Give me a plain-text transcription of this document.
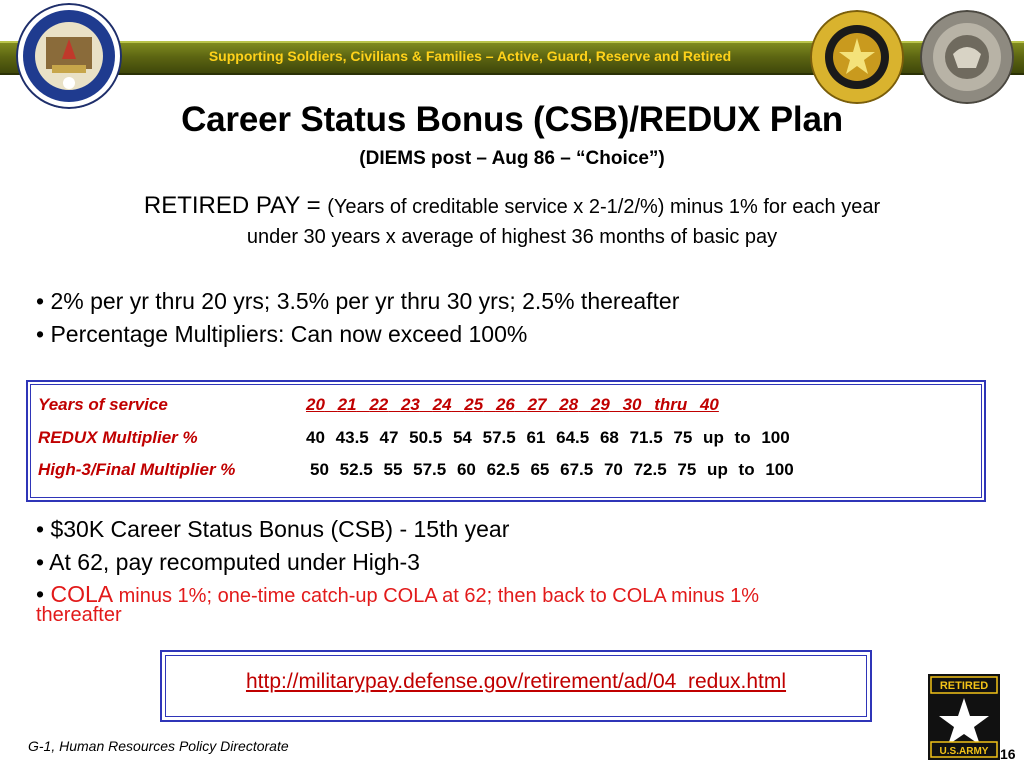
Supporting Soldiers, Civilians & Families – Active, Guard, Reserve and Retired
Career Status Bonus (CSB)/REDUX Plan
(DIEMS post – Aug 86 – “Choice”)
RETIRED PAY = (Years of creditable service x 2-1/2/%) minus 1% for each year
under 30 years x average of highest 36 months of basic pay
• 2% per yr thru 20 yrs; 3.5% per yr thru 30 yrs; 2.5% thereafter
• Percentage Multipliers: Can now exceed 100%
Years of service	20 21 22 23 24 25 26 27 28 29 30 thru 40
REDUX Multiplier %	40 43.5 47 50.5 54 57.5 61 64.5 68 71.5 75 up to 100
High-3/Final Multiplier %	50 52.5 55 57.5 60 62.5 65 67.5 70 72.5 75 up to 100
• $30K Career Status Bonus (CSB) - 15th year
• At 62, pay recomputed under High-3
• COLA minus 1%; one-time catch-up COLA at 62; then back to COLA minus 1%
thereafter
http://militarypay.defense.gov/retirement/ad/04_redux.html
G-1, Human Resources Policy Directorate	16
RETIRED
U.S.ARMY
